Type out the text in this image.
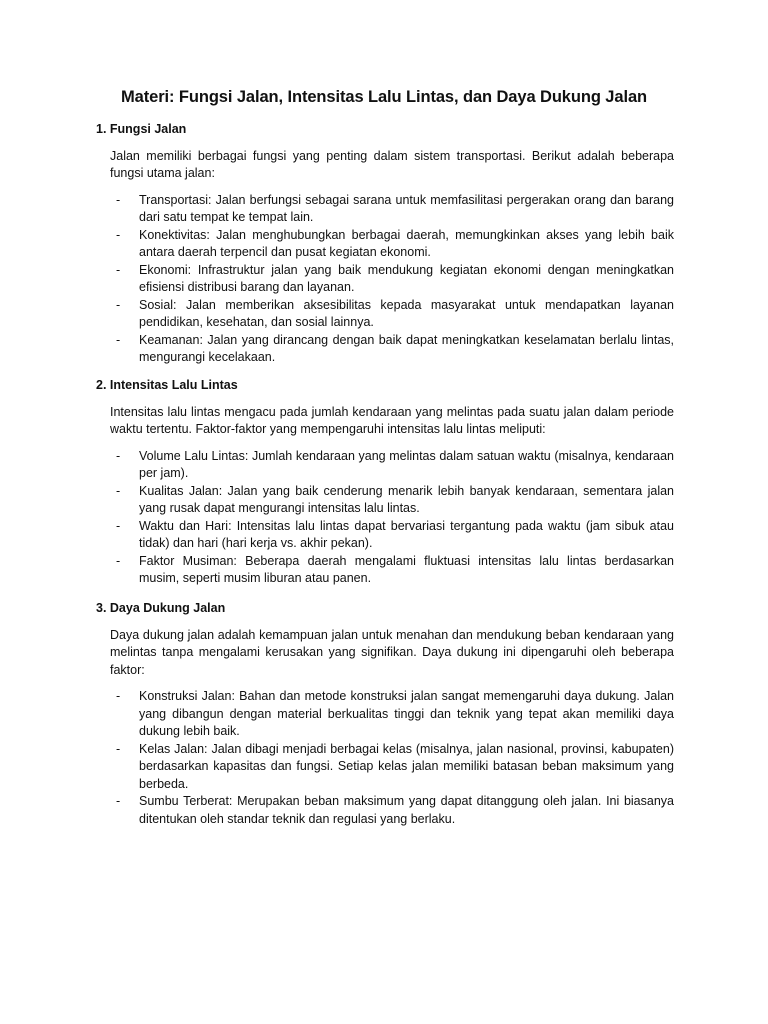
Materi: Fungsi Jalan, Intensitas Lalu Lintas, dan Daya Dukung Jalan
1. Fungsi Jalan
Jalan memiliki berbagai fungsi yang penting dalam sistem transportasi. Berikut adalah beberapa fungsi utama jalan:
- Transportasi: Jalan berfungsi sebagai sarana untuk memfasilitasi pergerakan orang dan barang dari satu tempat ke tempat lain.
- Konektivitas: Jalan menghubungkan berbagai daerah, memungkinkan akses yang lebih baik antara daerah terpencil dan pusat kegiatan ekonomi.
- Ekonomi: Infrastruktur jalan yang baik mendukung kegiatan ekonomi dengan meningkatkan efisiensi distribusi barang dan layanan.
- Sosial: Jalan memberikan aksesibilitas kepada masyarakat untuk mendapatkan layanan pendidikan, kesehatan, dan sosial lainnya.
- Keamanan: Jalan yang dirancang dengan baik dapat meningkatkan keselamatan berlalu lintas, mengurangi kecelakaan.
2. Intensitas Lalu Lintas
Intensitas lalu lintas mengacu pada jumlah kendaraan yang melintas pada suatu jalan dalam periode waktu tertentu. Faktor-faktor yang mempengaruhi intensitas lalu lintas meliputi:
- Volume Lalu Lintas: Jumlah kendaraan yang melintas dalam satuan waktu (misalnya, kendaraan per jam).
- Kualitas Jalan: Jalan yang baik cenderung menarik lebih banyak kendaraan, sementara jalan yang rusak dapat mengurangi intensitas lalu lintas.
- Waktu dan Hari: Intensitas lalu lintas dapat bervariasi tergantung pada waktu (jam sibuk atau tidak) dan hari (hari kerja vs. akhir pekan).
- Faktor Musiman: Beberapa daerah mengalami fluktuasi intensitas lalu lintas berdasarkan musim, seperti musim liburan atau panen.
3. Daya Dukung Jalan
Daya dukung jalan adalah kemampuan jalan untuk menahan dan mendukung beban kendaraan yang melintas tanpa mengalami kerusakan yang signifikan. Daya dukung ini dipengaruhi oleh beberapa faktor:
- Konstruksi Jalan: Bahan dan metode konstruksi jalan sangat memengaruhi daya dukung. Jalan yang dibangun dengan material berkualitas tinggi dan teknik yang tepat akan memiliki daya dukung lebih baik.
- Kelas Jalan: Jalan dibagi menjadi berbagai kelas (misalnya, jalan nasional, provinsi, kabupaten) berdasarkan kapasitas dan fungsi. Setiap kelas jalan memiliki batasan beban maksimum yang berbeda.
- Sumbu Terberat: Merupakan beban maksimum yang dapat ditanggung oleh jalan. Ini biasanya ditentukan oleh standar teknik dan regulasi yang berlaku.
